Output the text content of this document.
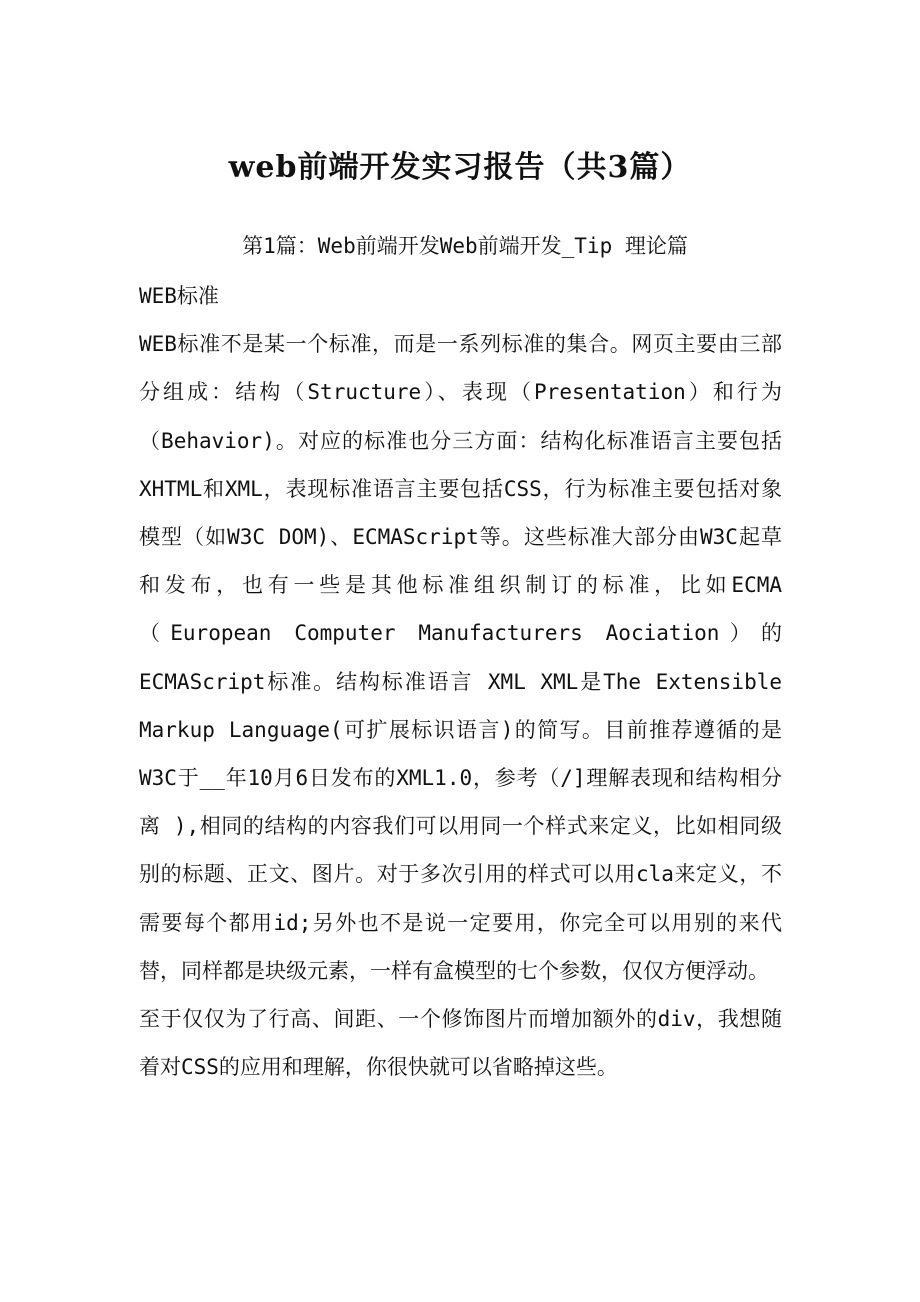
web前端开发实习报告（共3篇）

第1篇：Web前端开发Web前端开发_Tip 理论篇

WEB标准

WEB标准不是某一个标准，而是一系列标准的集合。网页主要由三部分组成：结构（Structure）、表现（Presentation）和行为（Behavior)。对应的标准也分三方面：结构化标准语言主要包括XHTML和XML，表现标准语言主要包括CSS，行为标准主要包括对象模型（如W3C DOM)、ECMAScript等。这些标准大部分由W3C起草和发布，也有一些是其他标准组织制订的标准，比如ECMA（European Computer Manufacturers Aociation）的ECMAScript标准。结构标准语言 XML XML是The Extensible Markup Language(可扩展标识语言)的简写。目前推荐遵循的是W3C于__年10月6日发布的XML1.0，参考（/]理解表现和结构相分离 ),相同的结构的内容我们可以用同一个样式来定义，比如相同级别的标题、正文、图片。对于多次引用的样式可以用cla来定义，不需要每个都用id;另外也不是说一定要用，你完全可以用别的来代替，同样都是块级元素，一样有盒模型的七个参数，仅仅方便浮动。

至于仅仅为了行高、间距、一个修饰图片而增加额外的div，我想随着对CSS的应用和理解，你很快就可以省略掉这些。
